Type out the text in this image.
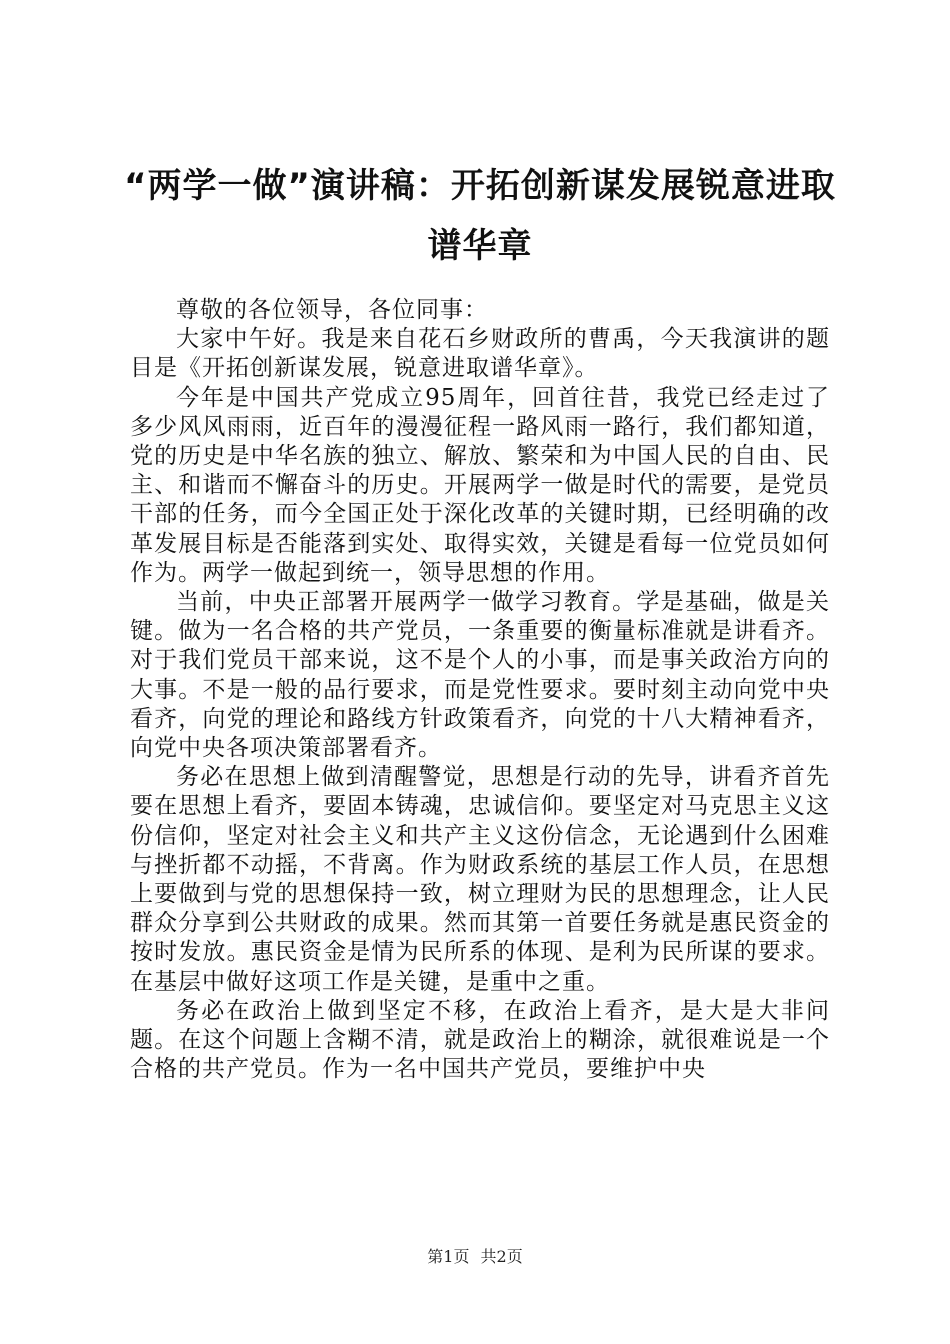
“两学一做”演讲稿：开拓创新谋发展锐意进取谱华章

尊敬的各位领导，各位同事：

大家中午好。我是来自花石乡财政所的曹禹，今天我演讲的题目是《开拓创新谋发展，锐意进取谱华章》。

今年是中国共产党成立95周年，回首往昔，我党已经走过了多少风风雨雨，近百年的漫漫征程一路风雨一路行，我们都知道，党的历史是中华名族的独立、解放、繁荣和为中国人民的自由、民主、和谐而不懈奋斗的历史。开展两学一做是时代的需要，是党员干部的任务，而今全国正处于深化改革的关键时期，已经明确的改革发展目标是否能落到实处、取得实效，关键是看每一位党员如何作为。两学一做起到统一，领导思想的作用。

当前，中央正部署开展两学一做学习教育。学是基础，做是关键。做为一名合格的共产党员，一条重要的衡量标准就是讲看齐。对于我们党员干部来说，这不是个人的小事，而是事关政治方向的大事。不是一般的品行要求，而是党性要求。要时刻主动向党中央看齐，向党的理论和路线方针政策看齐，向党的十八大精神看齐，向党中央各项决策部署看齐。

务必在思想上做到清醒警觉，思想是行动的先导，讲看齐首先要在思想上看齐，要固本铸魂，忠诚信仰。要坚定对马克思主义这份信仰，坚定对社会主义和共产主义这份信念，无论遇到什么困难与挫折都不动摇，不背离。作为财政系统的基层工作人员，在思想上要做到与党的思想保持一致，树立理财为民的思想理念，让人民群众分享到公共财政的成果。然而其第一首要任务就是惠民资金的按时发放。惠民资金是情为民所系的体现、是利为民所谋的要求。在基层中做好这项工作是关键，是重中之重。

务必在政治上做到坚定不移，在政治上看齐，是大是大非问题。在这个问题上含糊不清，就是政治上的糊涂，就很难说是一个合格的共产党员。作为一名中国共产党员，要维护中央

第1页 共2页
